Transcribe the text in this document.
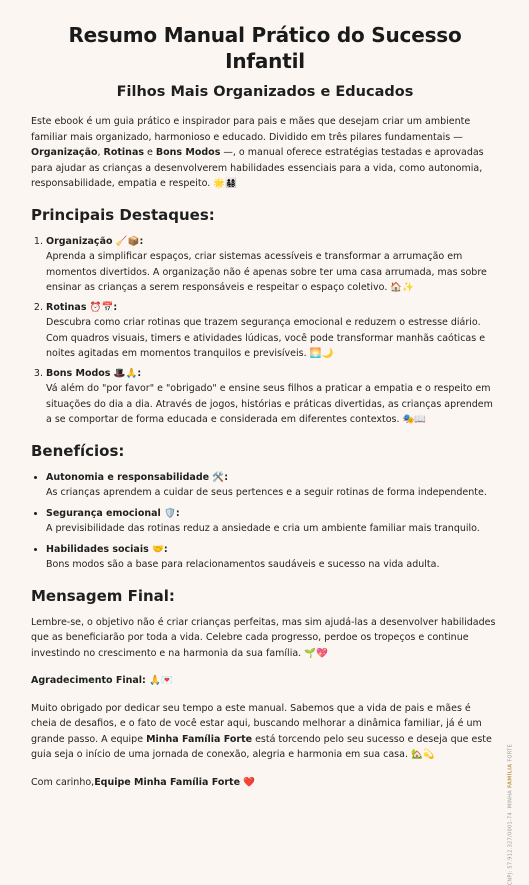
Resumo Manual Prático do Sucesso Infantil
Filhos Mais Organizados e Educados

Este ebook é um guia prático e inspirador para pais e mães que desejam criar um ambiente familiar mais organizado, harmonioso e educado. Dividido em três pilares fundamentais — Organização, Rotinas e Bons Modos —, o manual oferece estratégias testadas e aprovadas para ajudar as crianças a desenvolverem habilidades essenciais para a vida, como autonomia, responsabilidade, empatia e respeito. 🌟👨‍👩‍👧‍👦

Principais Destaques:
1. Organização 🧹📦:
Aprenda a simplificar espaços, criar sistemas acessíveis e transformar a arrumação em momentos divertidos. A organização não é apenas sobre ter uma casa arrumada, mas sobre ensinar as crianças a serem responsáveis e respeitar o espaço coletivo. 🏠✨
2. Rotinas ⏰📅:
Descubra como criar rotinas que trazem segurança emocional e reduzem o estresse diário. Com quadros visuais, timers e atividades lúdicas, você pode transformar manhãs caóticas e noites agitadas em momentos tranquilos e previsíveis. 🌅🌙
3. Bons Modos 🎩🙏:
Vá além do "por favor" e "obrigado" e ensine seus filhos a praticar a empatia e o respeito em situações do dia a dia. Através de jogos, histórias e práticas divertidas, as crianças aprendem a se comportar de forma educada e considerada em diferentes contextos. 🎭📖
Benefícios:
• Autonomia e responsabilidade 🛠️:
As crianças aprendem a cuidar de seus pertences e a seguir rotinas de forma independente.
• Segurança emocional 🛡️:
A previsibilidade das rotinas reduz a ansiedade e cria um ambiente familiar mais tranquilo.
• Habilidades sociais 🤝:
Bons modos são a base para relacionamentos saudáveis e sucesso na vida adulta.
Mensagem Final:

Lembre-se, o objetivo não é criar crianças perfeitas, mas sim ajudá-las a desenvolver habilidades que as beneficiarão por toda a vida. Celebre cada progresso, perdoe os tropeços e continue investindo no crescimento e na harmonia da sua família. 🌱💖

Agradecimento Final: 🙏💌

Muito obrigado por dedicar seu tempo a este manual. Sabemos que a vida de pais e mães é cheia de desafios, e o fato de você estar aqui, buscando melhorar a dinâmica familiar, já é um grande passo. A equipe Minha Família Forte está torcendo pelo seu sucesso e deseja que este guia seja o início de uma jornada de conexão, alegria e harmonia em sua casa. 🏡💫

Com carinho,Equipe Minha Família Forte ❤️

CNPJ: 57.912.327/0001-74  MINHA FAMÍLIA FORTE
